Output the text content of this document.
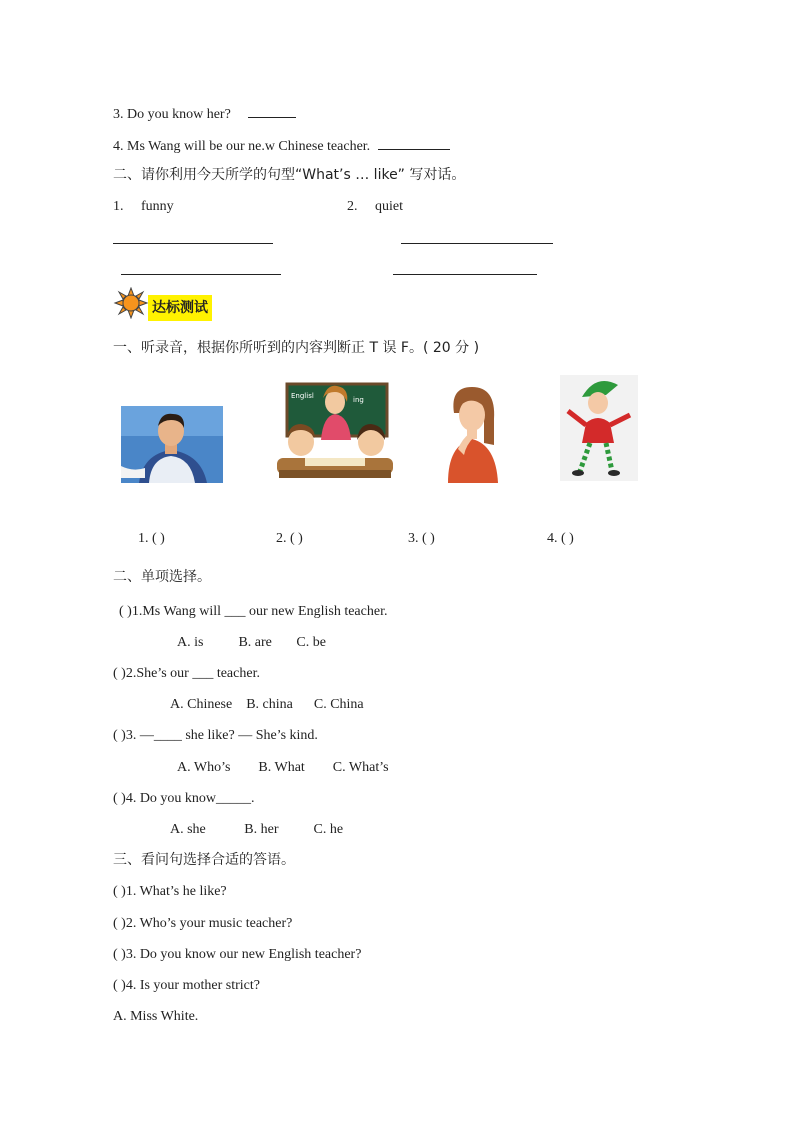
3. Do you know her?
4. Ms Wang will be our ne.w Chinese teacher.
二、请你利用今天所学的句型“What’s … like” 写对话。
1. funny	2. quiet
达标测试
一、听录音，根据你所听到的内容判断正 T 误 F。( 20 分 )
Englisl	ing
1. ( )	2. ( )	3. ( )	4. ( )
二、单项选择。
( )1.Ms Wang will ___ our new English teacher.
A. is          B. are       C. be
( )2.She’s our ___ teacher.
A. Chinese    B. china      C. China
( )3. —____ she like? — She’s kind.
A. Who’s        B. What        C. What’s
( )4. Do you know_____.
A. she           B. her          C. he
三、看问句选择合适的答语。
( )1. What’s he like?
( )2. Who’s your music teacher?
( )3. Do you know our new English teacher?
( )4. Is your mother strict?
A. Miss White.
